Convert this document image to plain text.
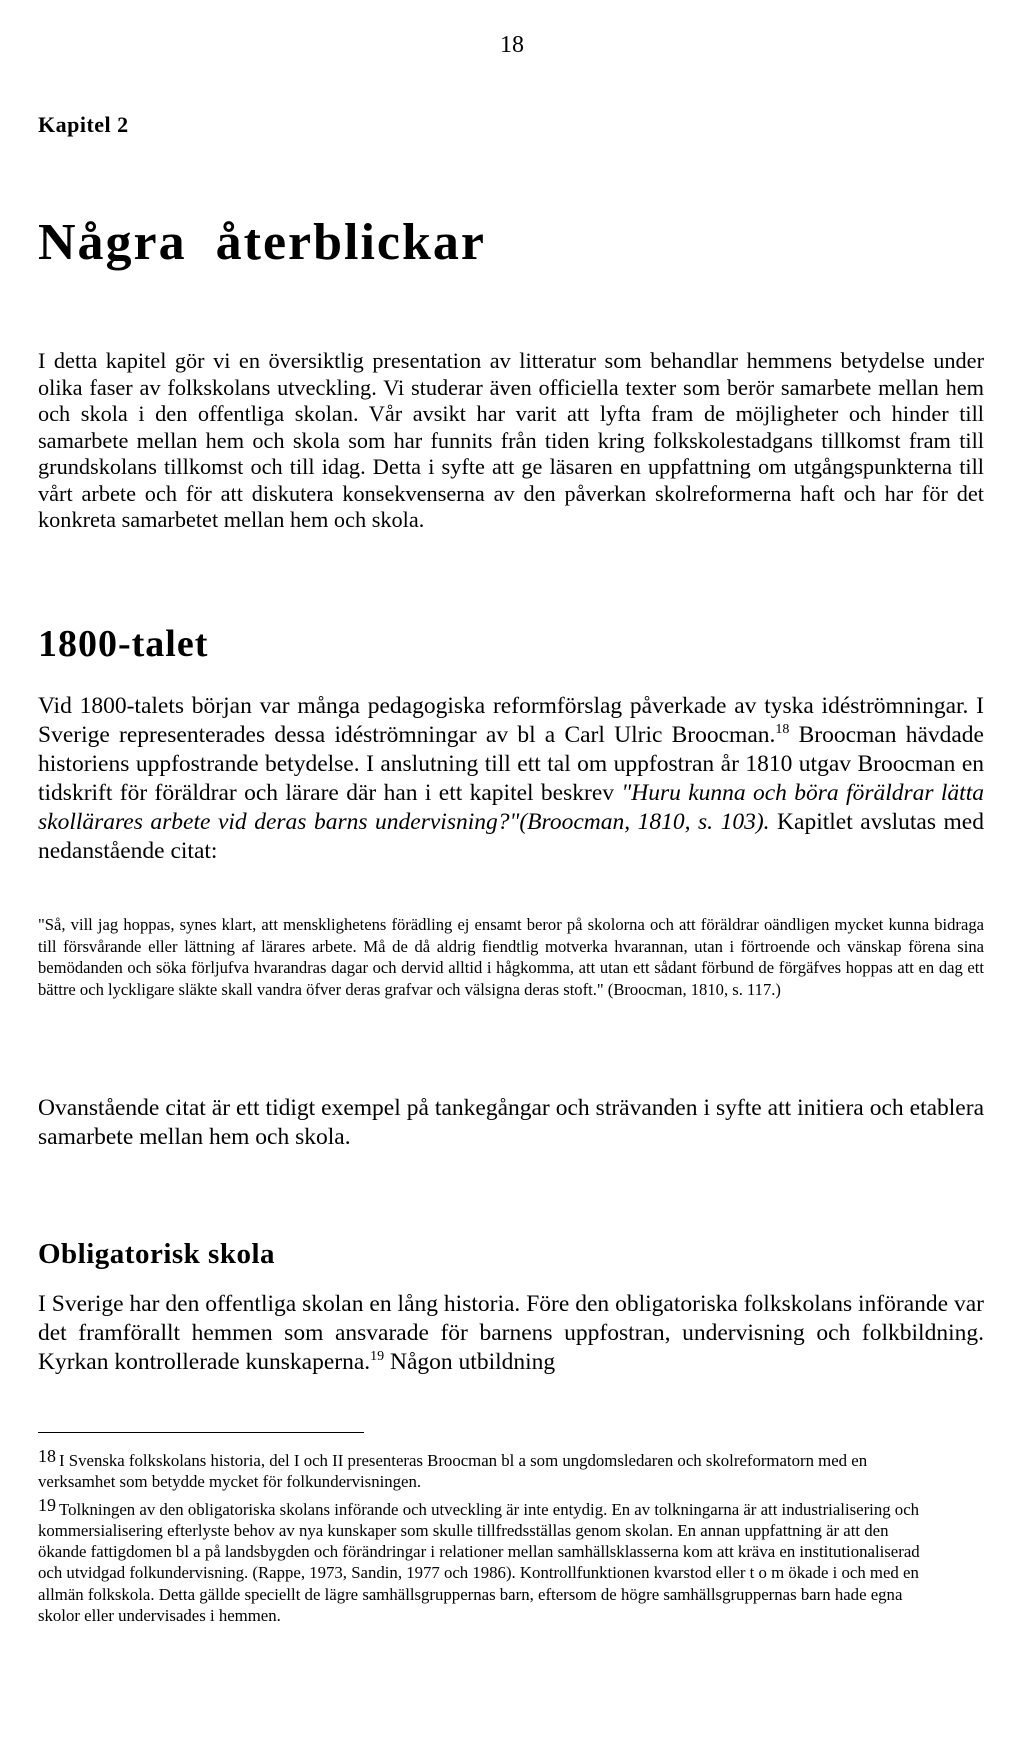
18
Kapitel 2
Några återblickar

I detta kapitel gör vi en översiktlig presentation av litteratur som behandlar hemmens betydelse under olika faser av folkskolans utveckling. Vi studerar även officiella texter som berör samarbete mellan hem och skola i den offentliga skolan. Vår avsikt har varit att lyfta fram de möjligheter och hinder till samarbete mellan hem och skola som har funnits från tiden kring folkskolestadgans tillkomst fram till grundskolans tillkomst och till idag. Detta i syfte att ge läsaren en uppfattning om utgångspunkterna till vårt arbete och för att diskutera konsekvenserna av den påverkan skolreformerna haft och har för det konkreta samarbetet mellan hem och skola.

1800-talet

Vid 1800-talets början var många pedagogiska reformförslag påverkade av tyska idéströmningar. I Sverige representerades dessa idéströmningar av bl a Carl Ulric Broocman.$^{18}$ Broocman hävdade historiens uppfostrande betydelse. I anslutning till ett tal om uppfostran år 1810 utgav Broocman en tidskrift för föräldrar och lärare där han i ett kapitel beskrev "Huru kunna och böra föräldrar lätta skollärares arbete vid deras barns undervisning?"(Broocman, 1810, s. 103). Kapitlet avslutas med nedanstående citat:

"Så, vill jag hoppas, synes klart, att mensklighetens förädling ej ensamt beror på skolorna och att föräldrar oändligen mycket kunna bidraga till försvårande eller lättning af lärares arbete. Må de då aldrig fiendtlig motverka hvarannan, utan i förtroende och vänskap förena sina bemödanden och söka förljufva hvarandras dagar och dervid alltid i hågkomma, att utan ett sådant förbund de förgäfves hoppas att en dag ett bättre och lyckligare släkte skall vandra öfver deras grafvar och välsigna deras stoft." (Broocman, 1810, s. 117.)

Ovanstående citat är ett tidigt exempel på tankegångar och strävanden i syfte att initiera och etablera samarbete mellan hem och skola.

Obligatorisk skola

I Sverige har den offentliga skolan en lång historia. Före den obligatoriska folkskolans införande var det framförallt hemmen som ansvarade för barnens uppfostran, undervisning och folkbildning. Kyrkan kontrollerade kunskaperna.$^{19}$ Någon utbildning

18 I Svenska folkskolans historia, del I och II presenteras Broocman bl a som ungdomsledaren och skolreformatorn med en verksamhet som betydde mycket för folkundervisningen.

19 Tolkningen av den obligatoriska skolans införande och utveckling är inte entydig. En av tolkningarna är att industrialisering och kommersialisering efterlyste behov av nya kunskaper som skulle tillfredsställas genom skolan. En annan uppfattning är att den ökande fattigdomen bl a på landsbygden och förändringar i relationer mellan samhällsklasserna kom att kräva en institutionaliserad och utvidgad folkundervisning. (Rappe, 1973, Sandin, 1977 och 1986). Kontrollfunktionen kvarstod eller t o m ökade i och med en allmän folkskola. Detta gällde speciellt de lägre samhällsgruppernas barn, eftersom de högre samhällsgruppernas barn hade egna skolor eller undervisades i hemmen.
